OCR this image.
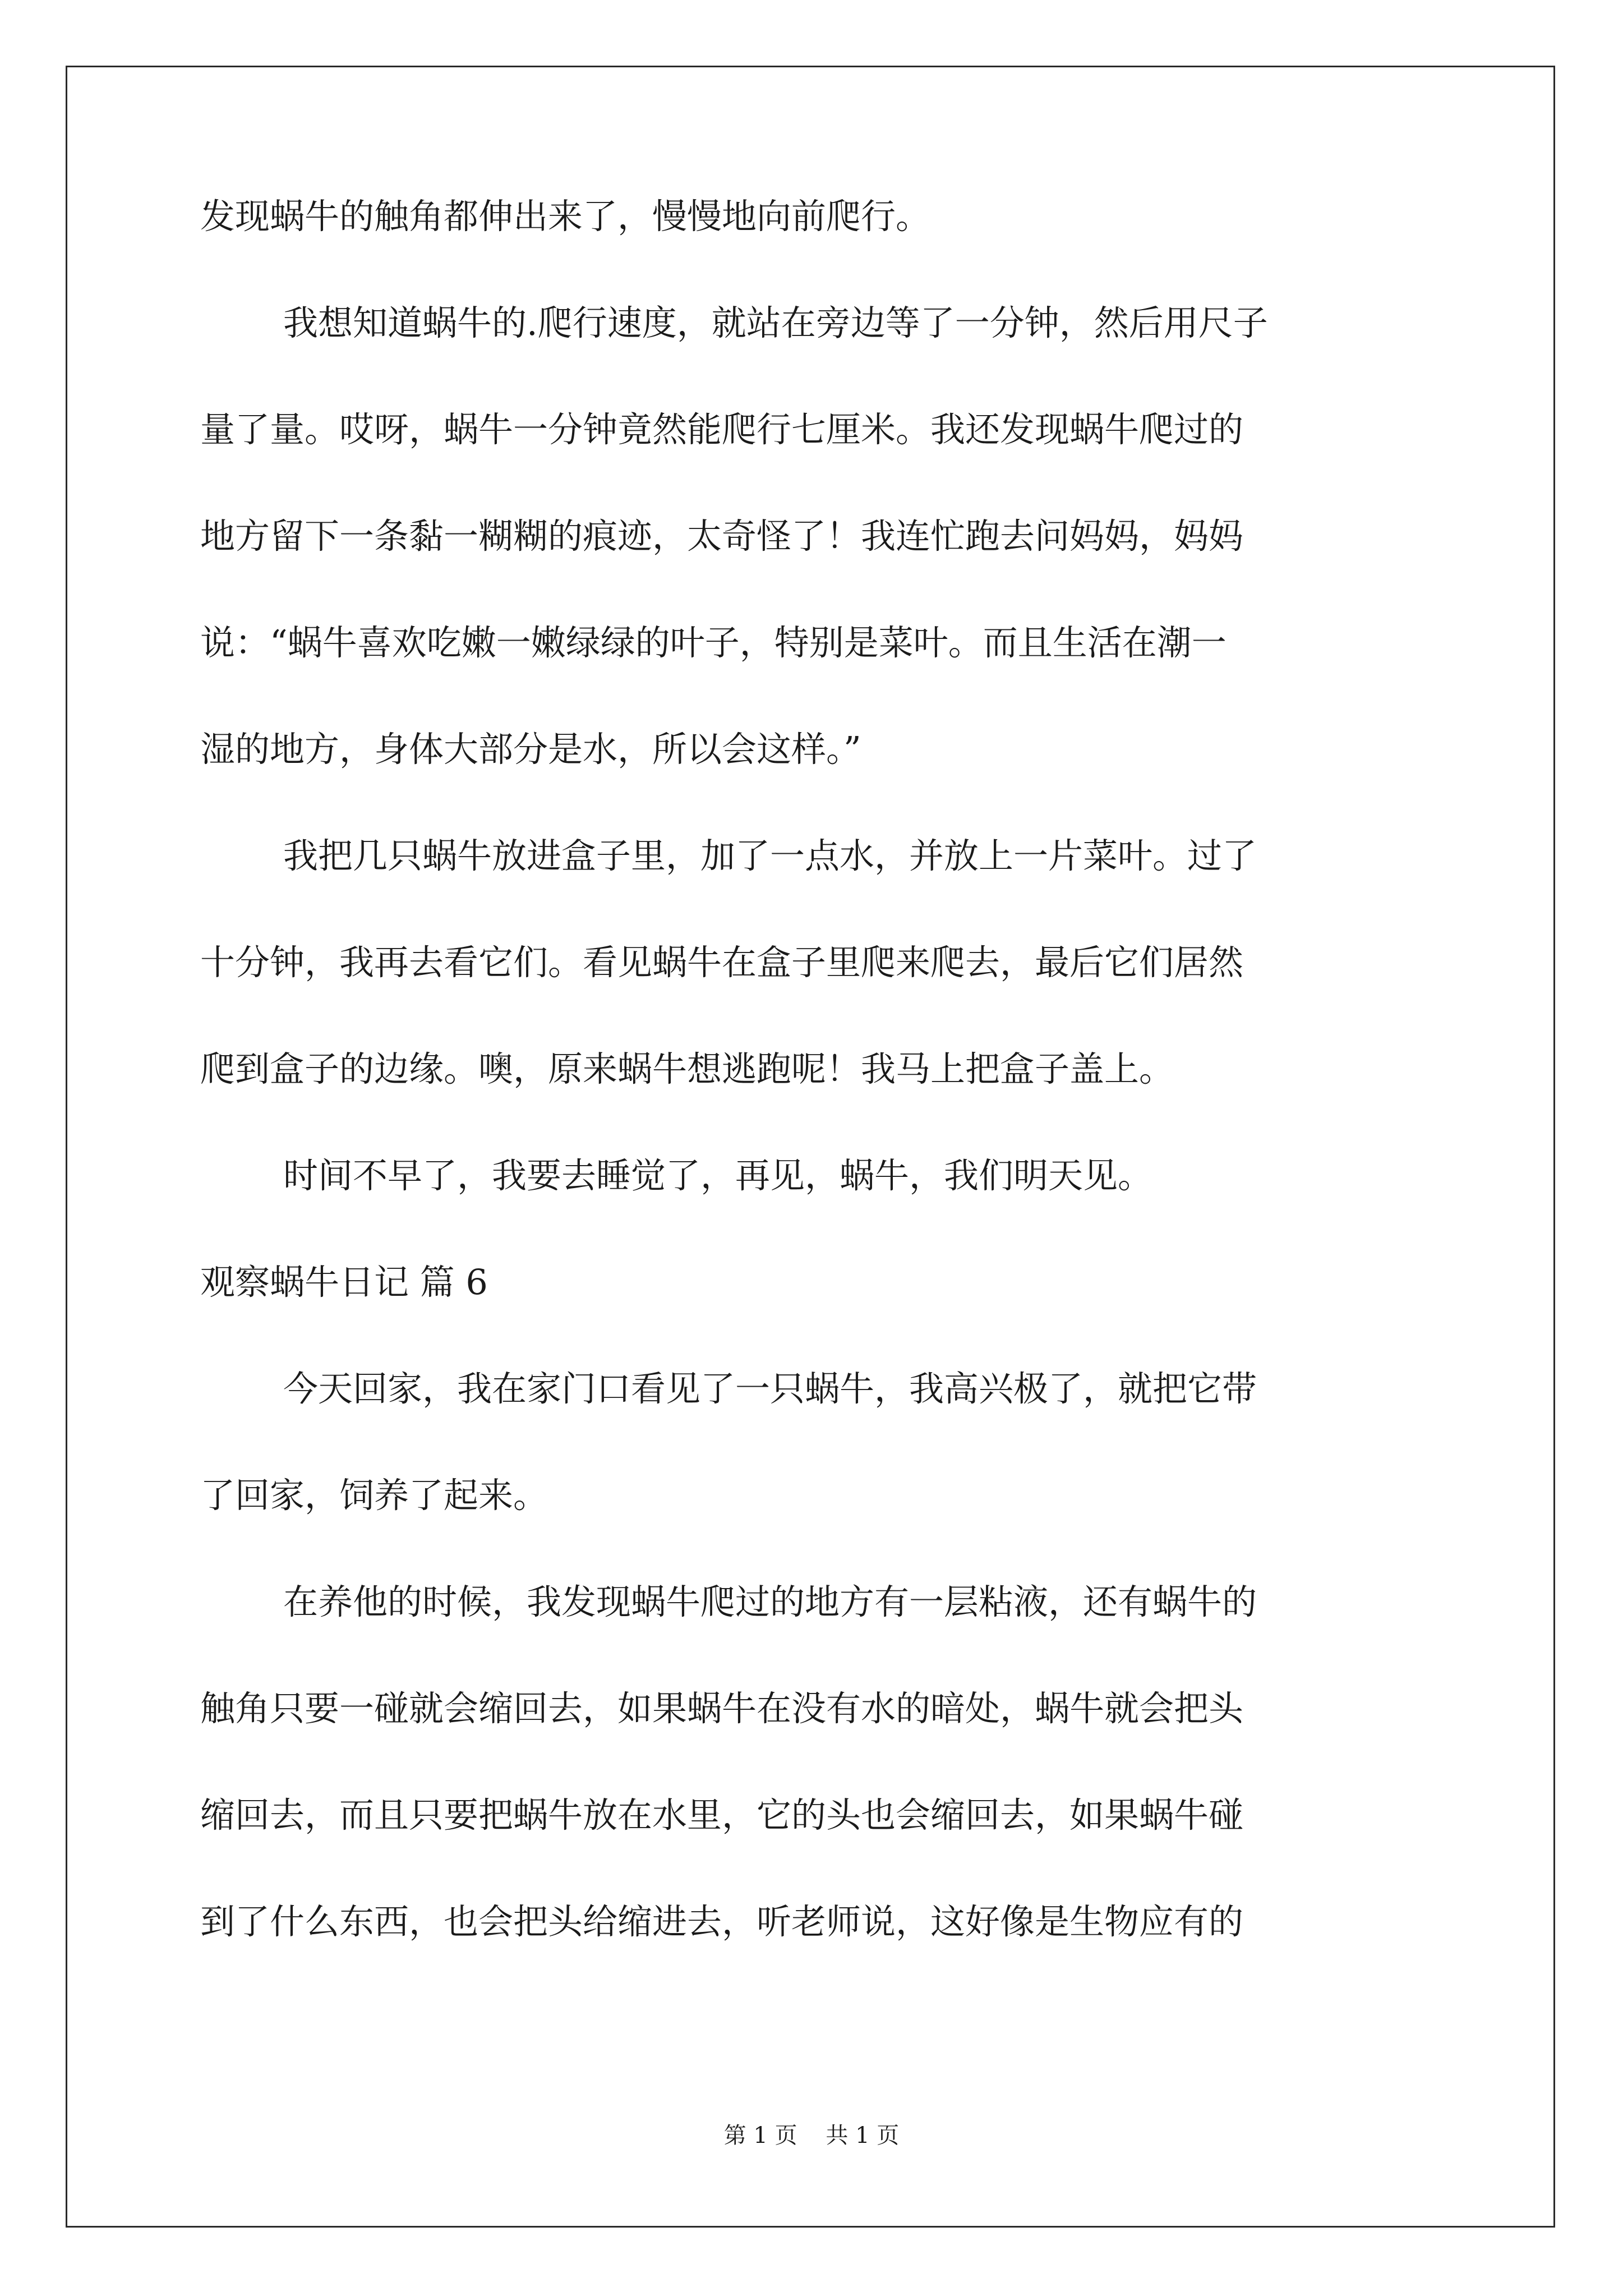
发现蜗牛的触角都伸出来了，慢慢地向前爬行。
我想知道蜗牛的.爬行速度，就站在旁边等了一分钟，然后用尺子
量了量。哎呀，蜗牛一分钟竟然能爬行七厘米。我还发现蜗牛爬过的
地方留下一条黏一糊糊的痕迹，太奇怪了！我连忙跑去问妈妈，妈妈
说：“蜗牛喜欢吃嫩一嫩绿绿的叶子，特别是菜叶。而且生活在潮一
湿的地方，身体大部分是水，所以会这样。”
我把几只蜗牛放进盒子里，加了一点水，并放上一片菜叶。过了
十分钟，我再去看它们。看见蜗牛在盒子里爬来爬去，最后它们居然
爬到盒子的边缘。噢，原来蜗牛想逃跑呢！我马上把盒子盖上。
时间不早了，我要去睡觉了，再见，蜗牛，我们明天见。
观察蜗牛日记 篇 6
今天回家，我在家门口看见了一只蜗牛，我高兴极了，就把它带
了回家，饲养了起来。
在养他的时候，我发现蜗牛爬过的地方有一层粘液，还有蜗牛的
触角只要一碰就会缩回去，如果蜗牛在没有水的暗处，蜗牛就会把头
缩回去，而且只要把蜗牛放在水里，它的头也会缩回去，如果蜗牛碰
到了什么东西，也会把头给缩进去，听老师说，这好像是生物应有的
第 1 页    共 1 页
